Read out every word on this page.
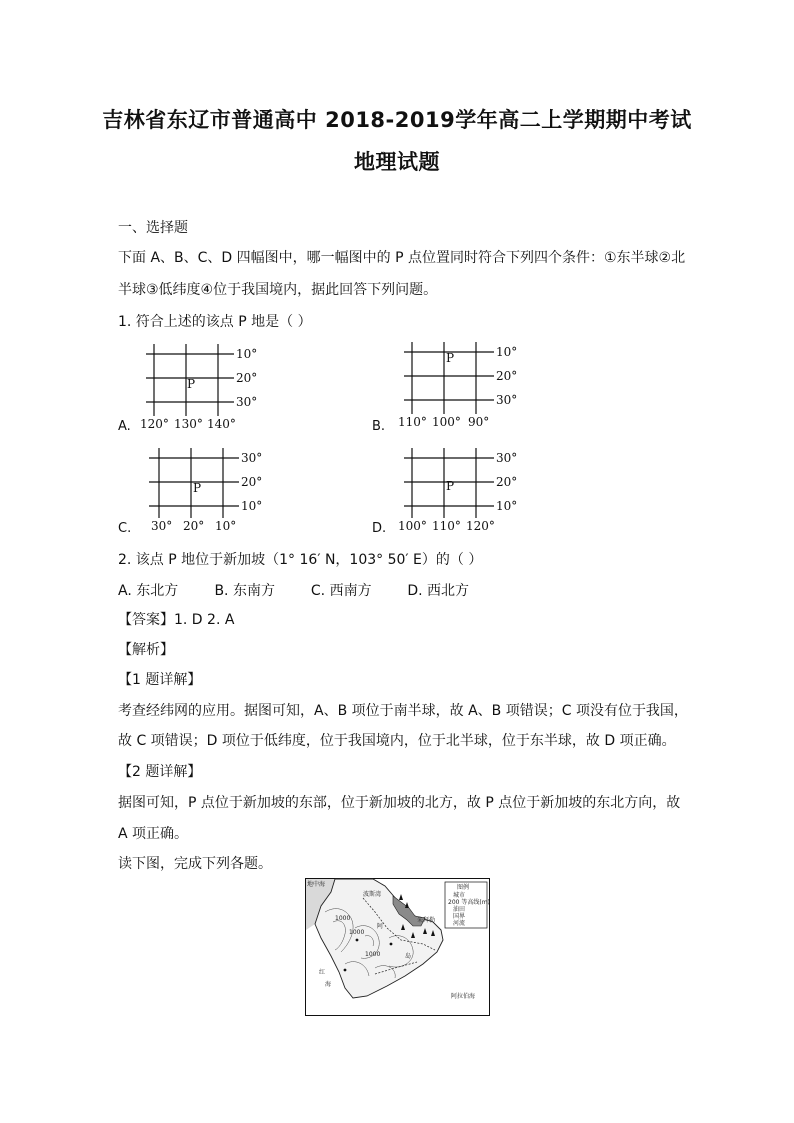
吉林省东辽市普通高中 2018-2019学年高二上学期期中考试
地理试题
一、选择题
下面 A、B、C、D 四幅图中，哪一幅图中的 P 点位置同时符合下列四个条件：①东半球②北
半球③低纬度④位于我国境内，据此回答下列问题。
1. 符合上述的该点 P 地是（ ）
P
10°
20°
30°
120° 130° 140°
A.
P	10°
20°
30°
110° 100° 90°
B.
P
30°
20°
10°
30° 20° 10°
C.
P
30°
20°
10°
100° 110° 120°
D.
2. 该点 P 地位于新加坡（1° 16′ N，103° 50′ E）的（ ）
A. 东北方	B. 东南方	C. 西南方	D. 西北方
【答案】1. D 2. A
【解析】
【1 题详解】
考查经纬网的应用。据图可知，A、B 项位于南半球，故 A、B 项错误；C 项没有位于我国，
故 C 项错误；D 项位于低纬度，位于我国境内，位于北半球，位于东半球，故 D 项正确。
【2 题详解】
据图可知，P 点位于新加坡的东部，位于新加坡的北方，故 P 点位于新加坡的东北方向，故
A 项正确。
读下图，完成下列各题。
图例
城市
200 等高线(m)
油田
国界
河流
地中海
波斯湾
朱拜勒
红
海
阿拉伯海
1000
1000
1000
阿
岛
